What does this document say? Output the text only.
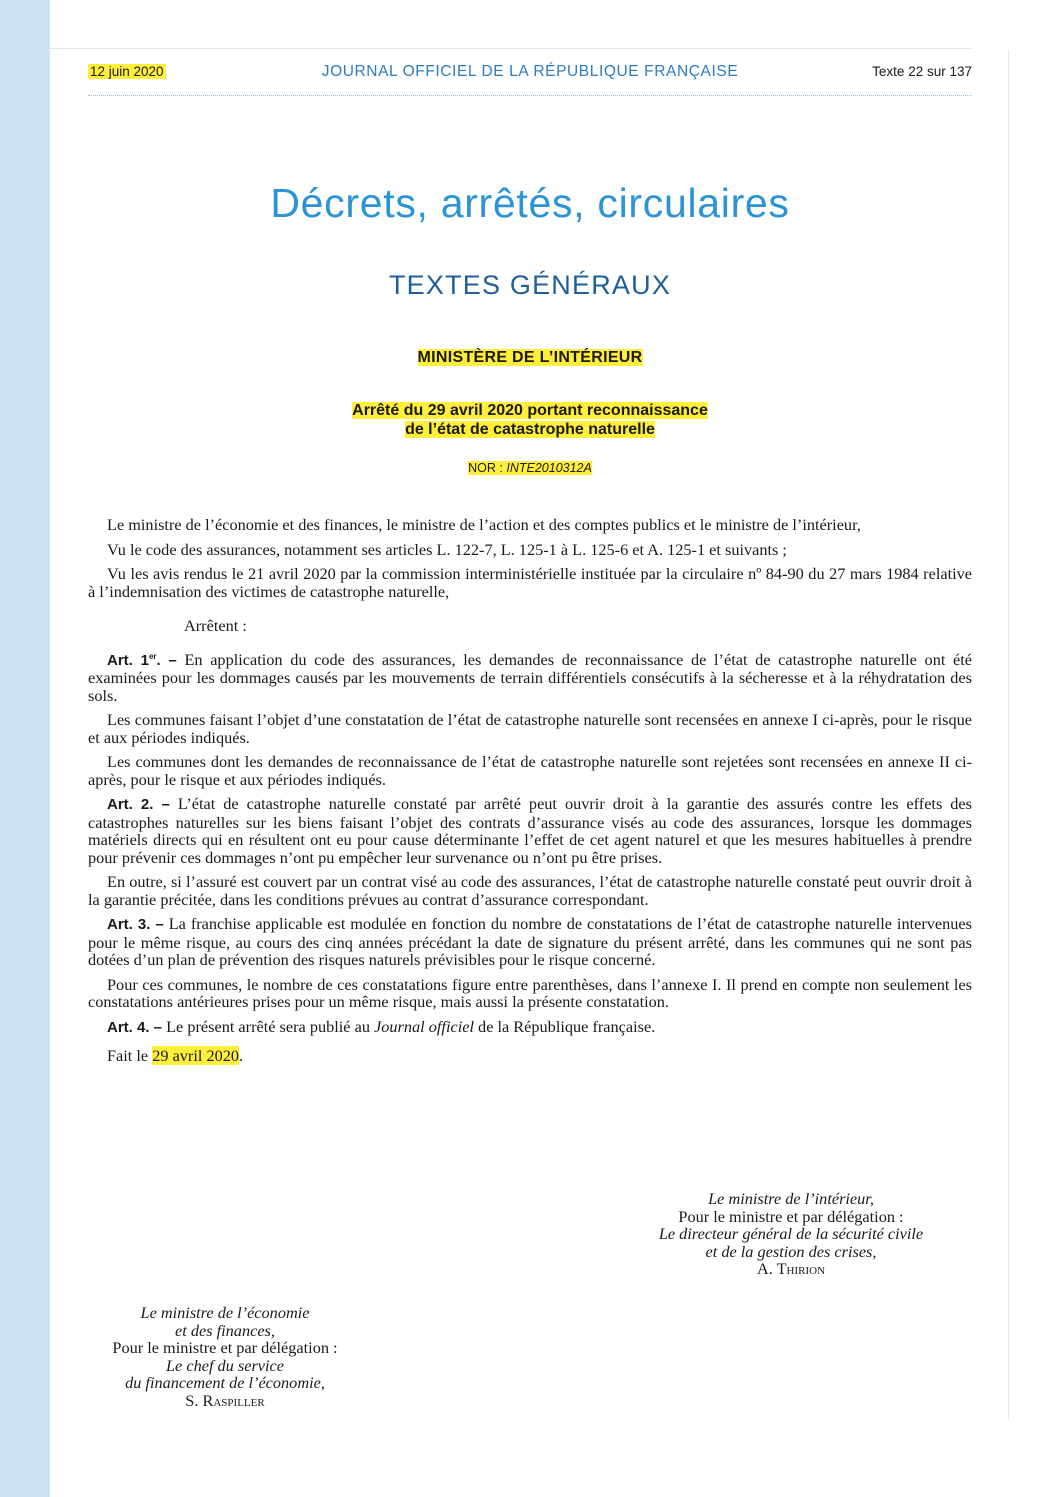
12 juin 2020	JOURNAL OFFICIEL DE LA RÉPUBLIQUE FRANÇAISE	Texte 22 sur 137
Décrets, arrêtés, circulaires
TEXTES GÉNÉRAUX
MINISTÈRE DE L’INTÉRIEUR
Arrêté du 29 avril 2020 portant reconnaissance
de l’état de catastrophe naturelle
NOR : INTE2010312A

Le ministre de l’économie et des finances, le ministre de l’action et des comptes publics et le ministre de l’intérieur,

Vu le code des assurances, notamment ses articles L. 122-7, L. 125-1 à L. 125-6 et A. 125-1 et suivants ;

Vu les avis rendus le 21 avril 2020 par la commission interministérielle instituée par la circulaire nº 84-90 du 27 mars 1984 relative à l’indemnisation des victimes de catastrophe naturelle,

Arrêtent :

Art. 1er. – En application du code des assurances, les demandes de reconnaissance de l’état de catastrophe naturelle ont été examinées pour les dommages causés par les mouvements de terrain différentiels consécutifs à la sécheresse et à la réhydratation des sols.

Les communes faisant l’objet d’une constatation de l’état de catastrophe naturelle sont recensées en annexe I ci-après, pour le risque et aux périodes indiqués.

Les communes dont les demandes de reconnaissance de l’état de catastrophe naturelle sont rejetées sont recensées en annexe II ci-après, pour le risque et aux périodes indiqués.

Art. 2. – L’état de catastrophe naturelle constaté par arrêté peut ouvrir droit à la garantie des assurés contre les effets des catastrophes naturelles sur les biens faisant l’objet des contrats d’assurance visés au code des assurances, lorsque les dommages matériels directs qui en résultent ont eu pour cause déterminante l’effet de cet agent naturel et que les mesures habituelles à prendre pour prévenir ces dommages n’ont pu empêcher leur survenance ou n’ont pu être prises.

En outre, si l’assuré est couvert par un contrat visé au code des assurances, l’état de catastrophe naturelle constaté peut ouvrir droit à la garantie précitée, dans les conditions prévues au contrat d’assurance correspondant.

Art. 3. – La franchise applicable est modulée en fonction du nombre de constatations de l’état de catastrophe naturelle intervenues pour le même risque, au cours des cinq années précédant la date de signature du présent arrêté, dans les communes qui ne sont pas dotées d’un plan de prévention des risques naturels prévisibles pour le risque concerné.

Pour ces communes, le nombre de ces constatations figure entre parenthèses, dans l’annexe I. Il prend en compte non seulement les constatations antérieures prises pour un même risque, mais aussi la présente constatation.

Art. 4. – Le présent arrêté sera publié au Journal officiel de la République française.

Fait le 29 avril 2020.

Le ministre de l’intérieur,
Pour le ministre et par délégation :
Le directeur général de la sécurité civile
et de la gestion des crises,
A. Thirion
Le ministre de l’économie
et des finances,
Pour le ministre et par délégation :
Le chef du service
du financement de l’économie,
S. Raspiller
